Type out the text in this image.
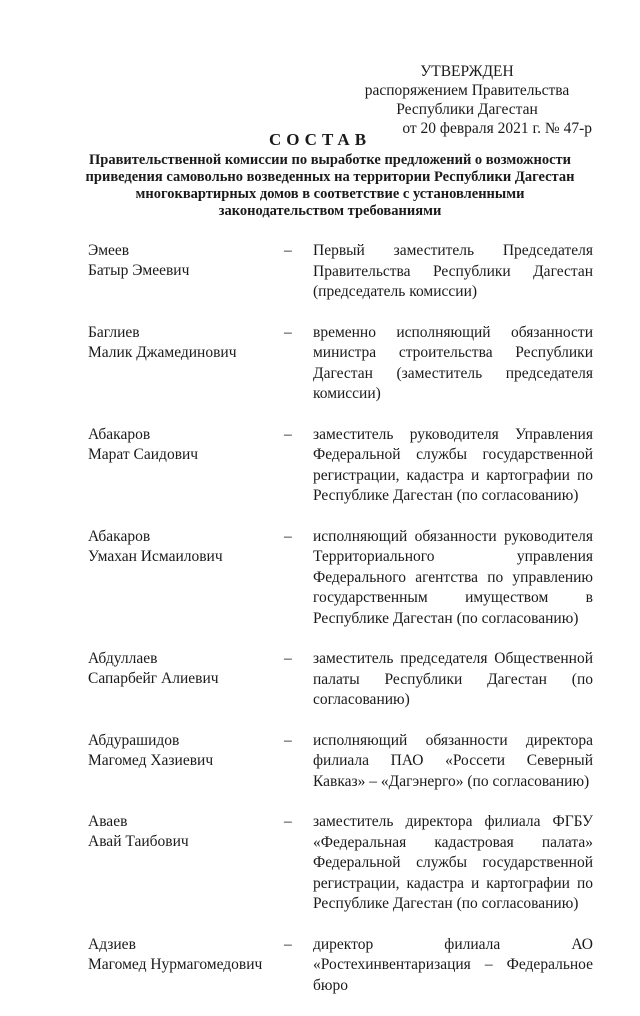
УТВЕРЖДЕН
распоряжением Правительства
Республики Дагестан
от 20 февраля 2021 г. № 47-р
СОСТАВ
Правительственной комиссии по выработке предложений о возможности приведения самовольно возведенных на территории Республики Дагестан многоквартирных домов в соответствие с установленными законодательством требованиями
Эмеев
Батыр Эмеевич
– Первый заместитель Председателя Правительства Республики Дагестан (председатель комиссии)
Баглиев
Малик Джамединович
– временно исполняющий обязанности министра строительства Республики Дагестан (заместитель председателя комиссии)
Абакаров
Марат Саидович
– заместитель руководителя Управления Федеральной службы государственной регистрации, кадастра и картографии по Республике Дагестан (по согласованию)
Абакаров
Умахан Исмаилович
– исполняющий обязанности руководителя Территориального управления Федерального агентства по управлению государственным имуществом в Республике Дагестан (по согласованию)
Абдуллаев
Сапарбейг Алиевич
– заместитель председателя Общественной палаты Республики Дагестан (по согласованию)
Абдурашидов
Магомед Хазиевич
– исполняющий обязанности директора филиала ПАО «Россети Северный Кавказ» – «Дагэнерго» (по согласованию)
Аваев
Авай Таибович
– заместитель директора филиала ФГБУ «Федеральная кадастровая палата» Федеральной службы государственной регистрации, кадастра и картографии по Республике Дагестан (по согласованию)
Адзиев
Магомед Нурмагомедович
– директор филиала АО «Ростехинвентаризация – Федеральное бюро
